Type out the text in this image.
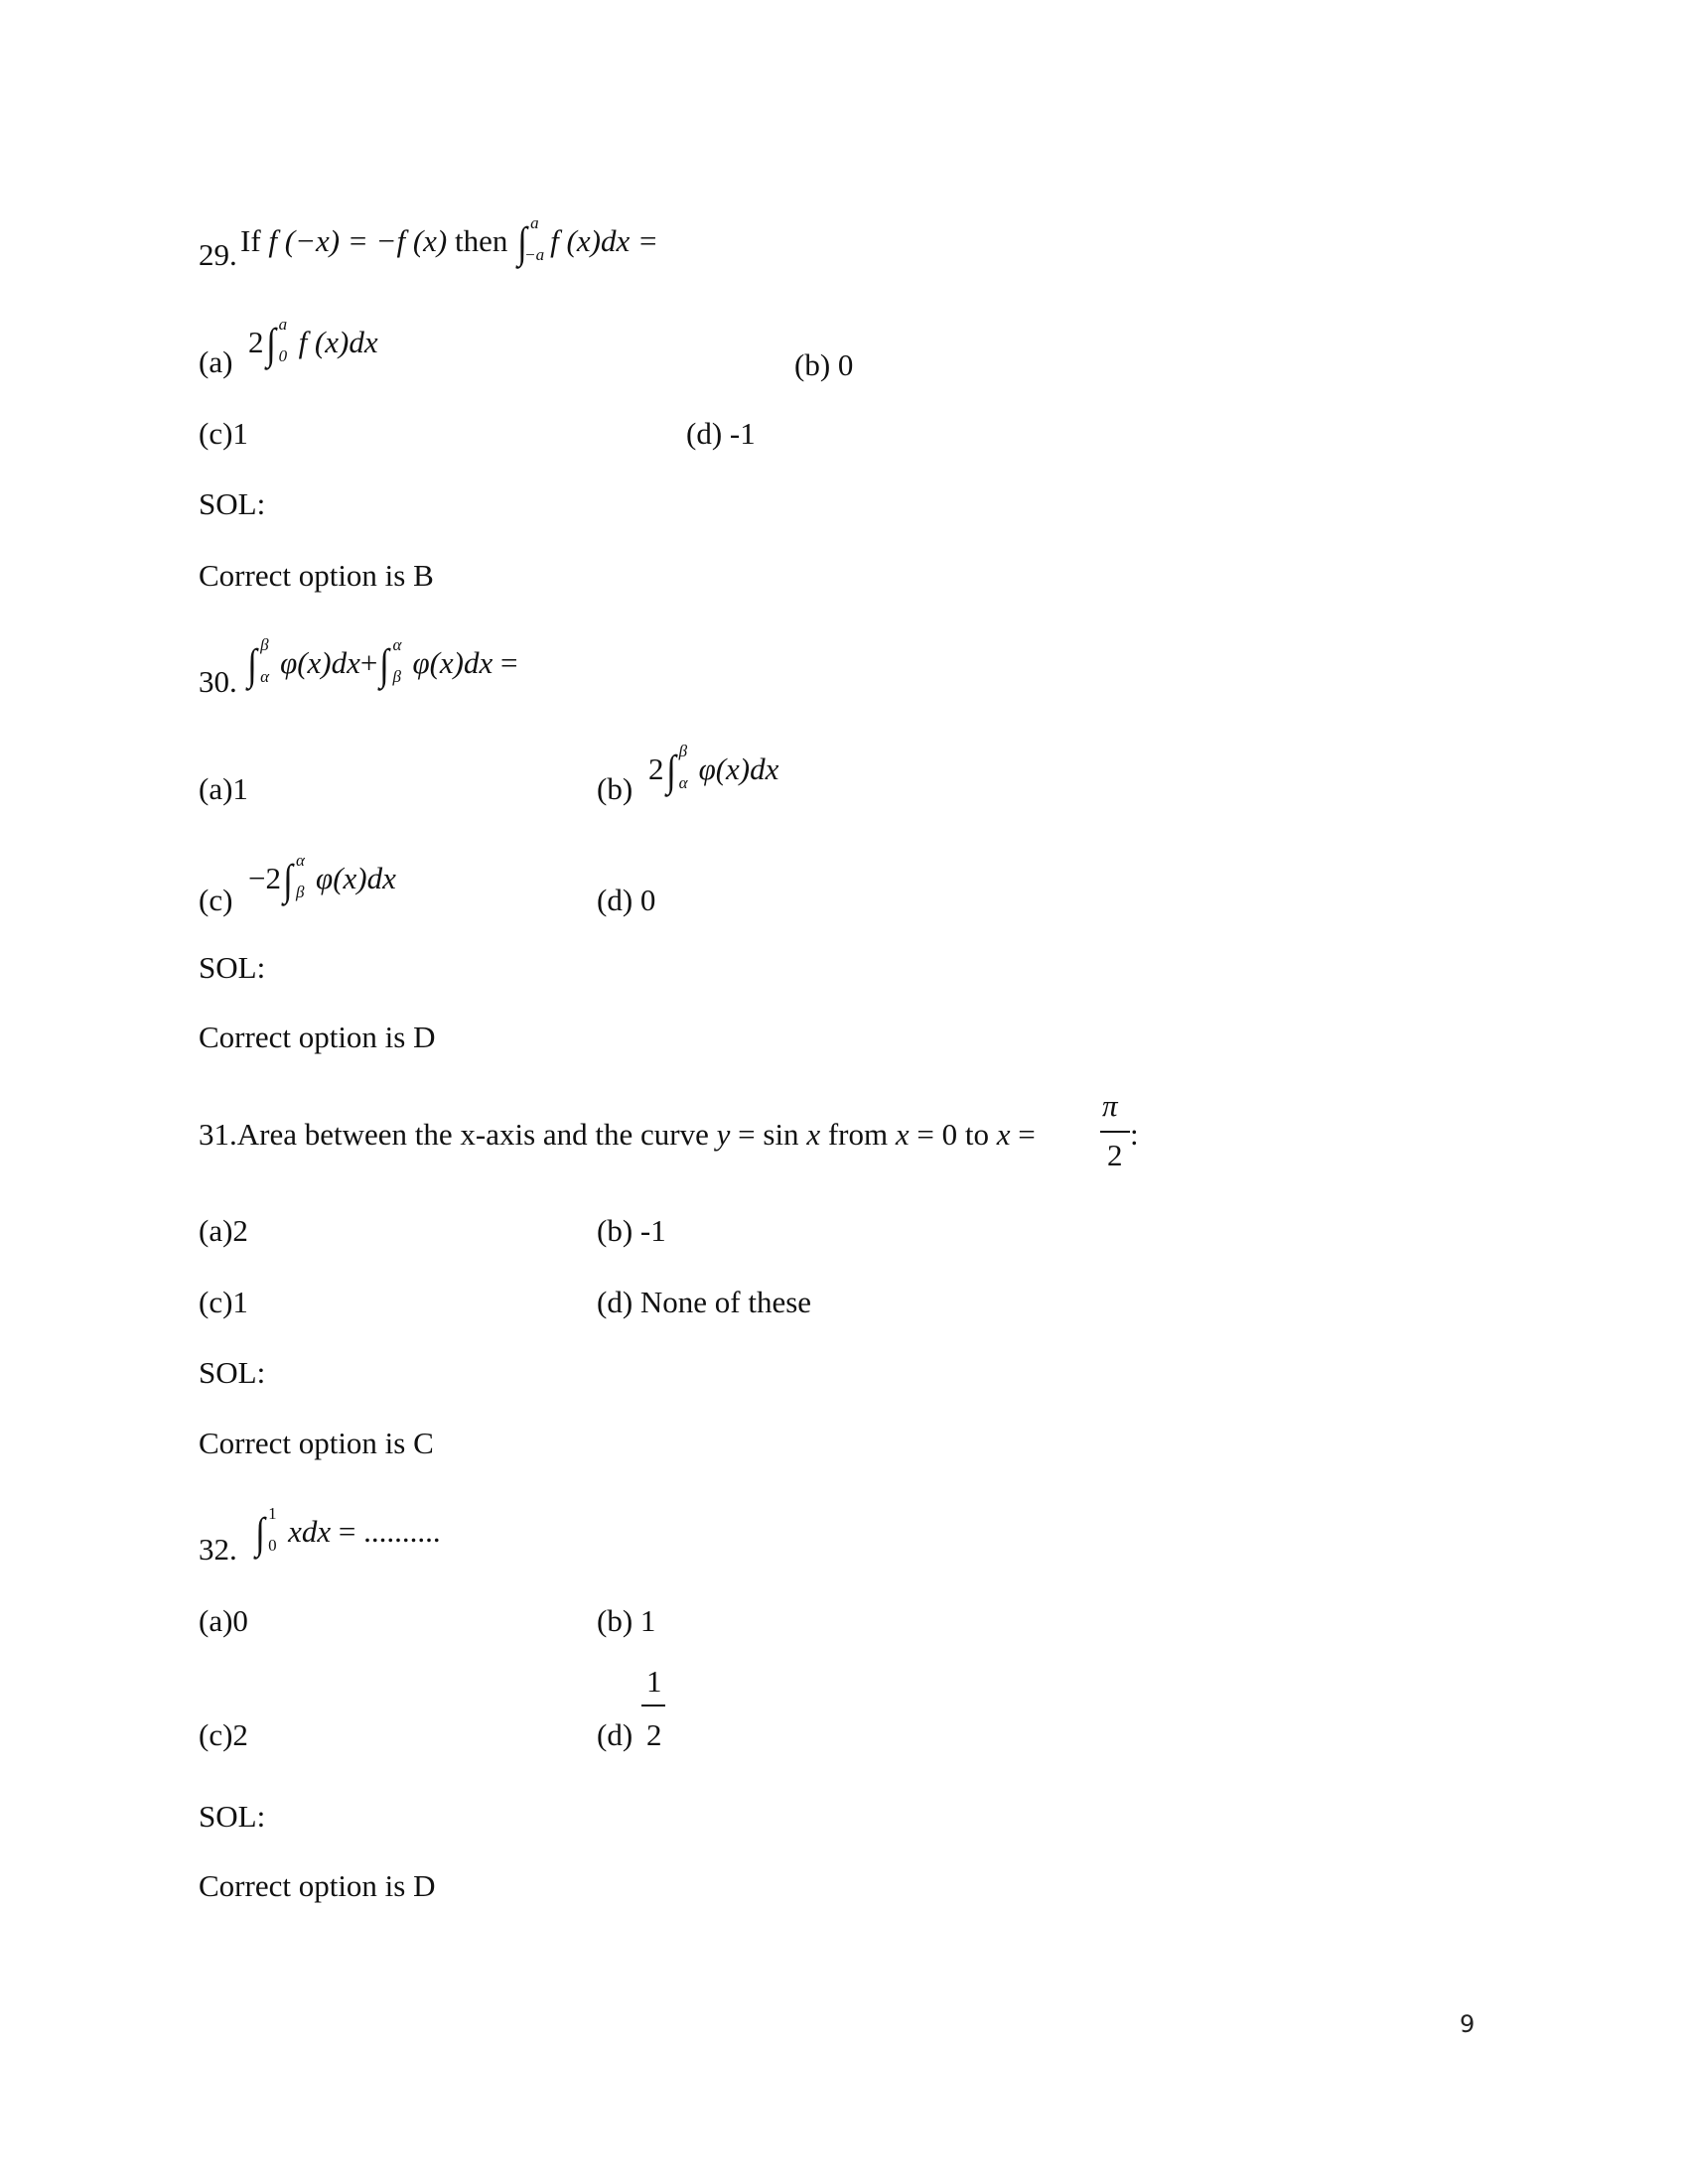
29. If f (−x) = −f (x) then ∫ a
−a f (x)dx =
(a)
2∫ a
0 f (x)dx
(b) 0
(c)1	(d) -1
SOL:
Correct option is B
30. ∫ β
α φ(x)dx+∫ α
β φ(x)dx =
(a)1	(b)
2∫ β
α φ(x)dx
(c)
−2∫ α
β φ(x)dx
(d) 0
SOL:
Correct option is D
31.Area between the x-axis and the curve y = sin x from x = 0 to x =
π
2
:
(a)2	(b) -1
(c)1	(d) None of these
SOL:
Correct option is C
32. ∫ 1
0 xdx = ..........
(a)0	(b) 1
(c)2	(d)
1
2
SOL:
Correct option is D
9
